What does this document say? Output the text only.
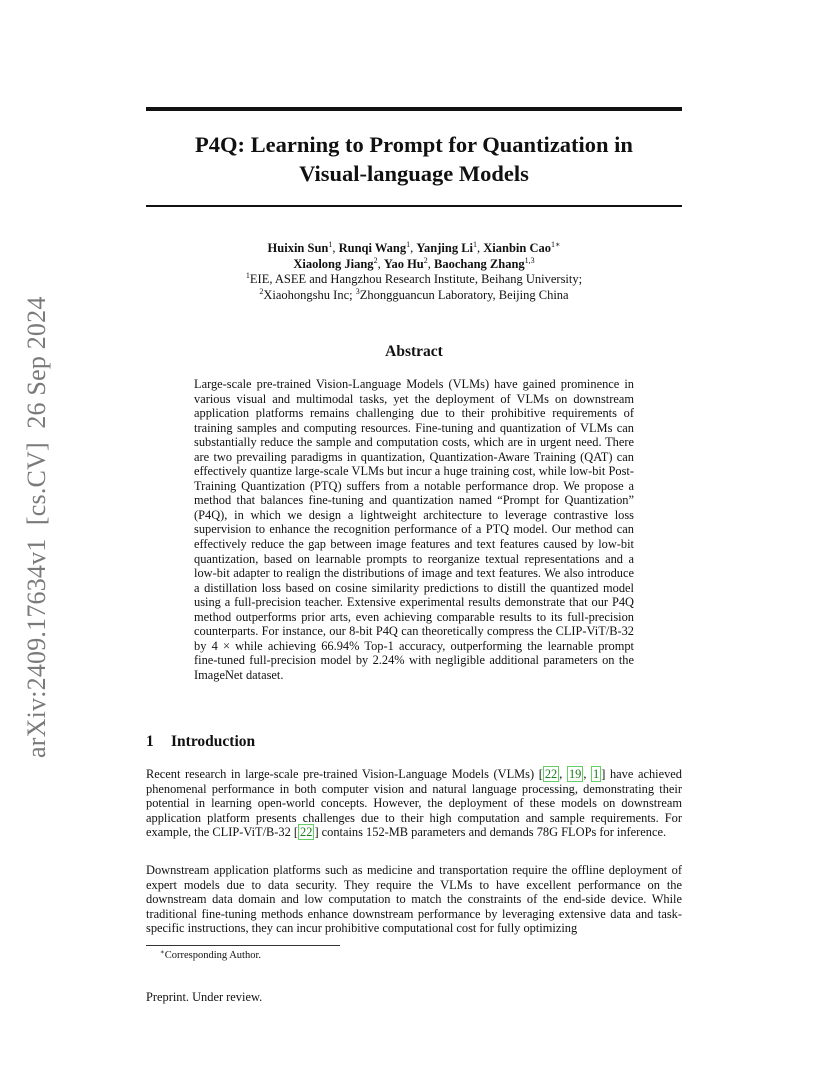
arXiv:2409.17634v1  [cs.CV]  26 Sep 2024
P4Q: Learning to Prompt for Quantization in
Visual-language Models
Huixin Sun$^1$, Runqi Wang$^1$, Yanjing Li$^1$, Xianbin Cao$^{1∗}$
Xiaolong Jiang$^2$, Yao Hu$^2$, Baochang Zhang$^{1,3}$
$^1$EIE, ASEE and Hangzhou Research Institute, Beihang University;
$^2$Xiaohongshu Inc; $^3$Zhongguancun Laboratory, Beijing China
Abstract
Large-scale pre-trained Vision-Language Models (VLMs) have gained prominence in various visual and multimodal tasks, yet the deployment of VLMs on downstream application platforms remains challenging due to their prohibitive requirements of training samples and computing resources. Fine-tuning and quantization of VLMs can substantially reduce the sample and computation costs, which are in urgent need. There are two prevailing paradigms in quantization, Quantization-Aware Training (QAT) can effectively quantize large-scale VLMs but incur a huge training cost, while low-bit Post-Training Quantization (PTQ) suffers from a notable performance drop. We propose a method that balances fine-tuning and quantization named “Prompt for Quantization” (P4Q), in which we design a lightweight architecture to leverage contrastive loss supervision to enhance the recognition performance of a PTQ model. Our method can effectively reduce the gap between image features and text features caused by low-bit quantization, based on learnable prompts to reorganize textual representations and a low-bit adapter to realign the distributions of image and text features. We also introduce a distillation loss based on cosine similarity predictions to distill the quantized model using a full-precision teacher. Extensive experimental results demonstrate that our P4Q method outperforms prior arts, even achieving comparable results to its full-precision counterparts. For instance, our 8-bit P4Q can theoretically compress the CLIP-ViT/B-32 by 4 × while achieving 66.94% Top-1 accuracy, outperforming the learnable prompt fine-tuned full-precision model by 2.24% with negligible additional parameters on the ImageNet dataset.
1 Introduction
Recent research in large-scale pre-trained Vision-Language Models (VLMs) [ 22 , 19 , 1 ] have achieved phenomenal performance in both computer vision and natural language processing, demonstrating their potential in learning open-world concepts. However, the deployment of these models on downstream application platform presents challenges due to their high computation and sample requirements. For example, the CLIP-ViT/B-32 [ 22 ] contains 152-MB parameters and demands 78G FLOPs for inference.
Downstream application platforms such as medicine and transportation require the offline deployment of expert models due to data security. They require the VLMs to have excellent performance on the downstream data domain and low computation to match the constraints of the end-side device. While traditional fine-tuning methods enhance downstream performance by leveraging extensive data and task-specific instructions, they can incur prohibitive computational cost for fully optimizing
∗Corresponding Author.
Preprint. Under review.
